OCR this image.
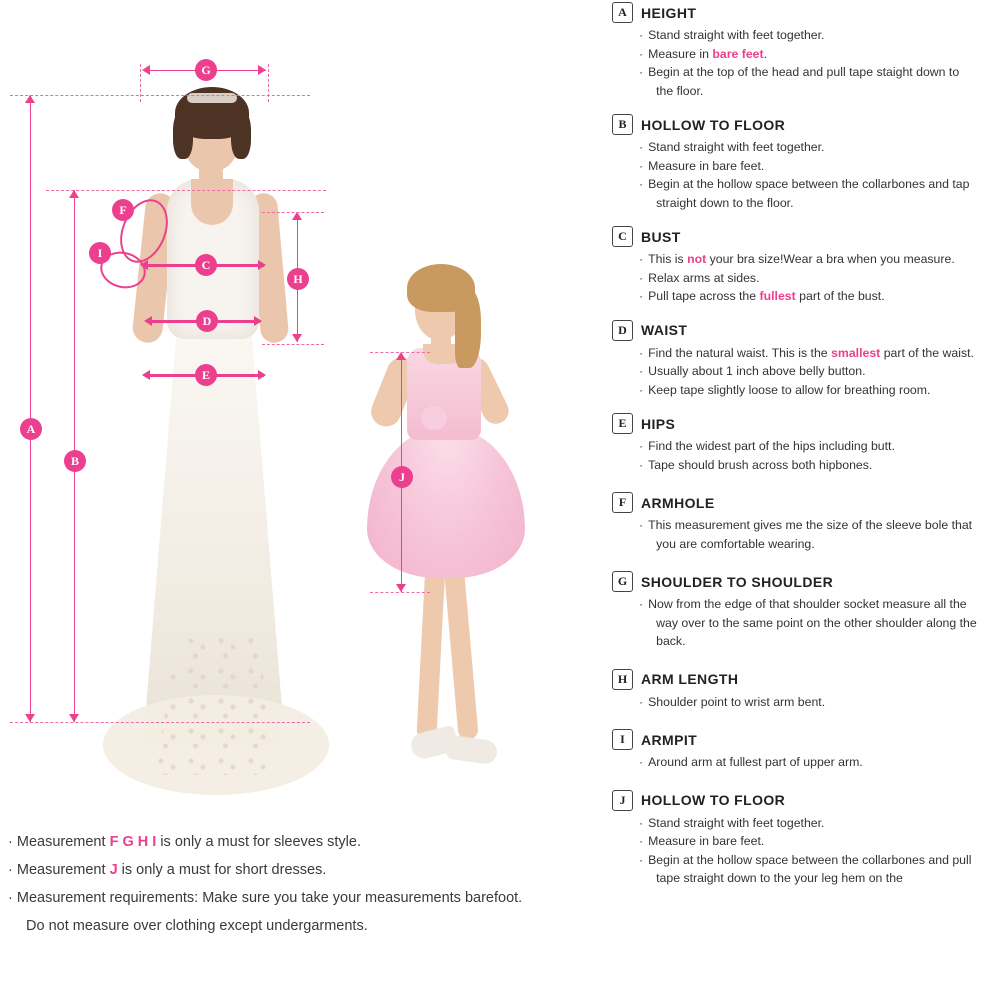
A
B
G
H
F
I
C
D
E
J
· Measurement F G H I is only a must for sleeves style.
· Measurement J is only a must for short dresses.
· Measurement requirements: Make sure you take your measurements barefoot.
Do not measure over clothing except undergarments.
A	HEIGHT
· Stand straight with feet together.
· Measure in bare feet.
· Begin at the top of the head and pull tape staight down to
the floor.
B	HOLLOW TO FLOOR
· Stand straight with feet together.
· Measure in bare feet.
· Begin at the hollow space between the collarbones and tap
straight down to the floor.
C	BUST
· This is not your bra size!Wear a bra when you measure.
· Relax arms at sides.
· Pull tape across the fullest part of the bust.
D	WAIST
· Find the natural waist. This is the smallest part of the waist.
· Usually about 1 inch above belly button.
· Keep tape slightly loose to allow for breathing room.
E	HIPS
· Find the widest part of the hips including butt.
· Tape should brush across both hipbones.
F	ARMHOLE
· This measurement gives me the size of the sleeve bole that
you are comfortable wearing.
G SHOULDER TO SHOULDER
· Now from the edge of that shoulder socket measure all the
way over to the same point on the other shoulder along the
back.
H ARM LENGTH
· Shoulder point to wrist arm bent.
I	ARMPIT
· Around arm at fullest part of upper arm.
J	HOLLOW TO FLOOR
· Stand straight with feet together.
· Measure in bare feet.
· Begin at the hollow space between the collarbones and pull
tape straight down to the your leg hem on the
